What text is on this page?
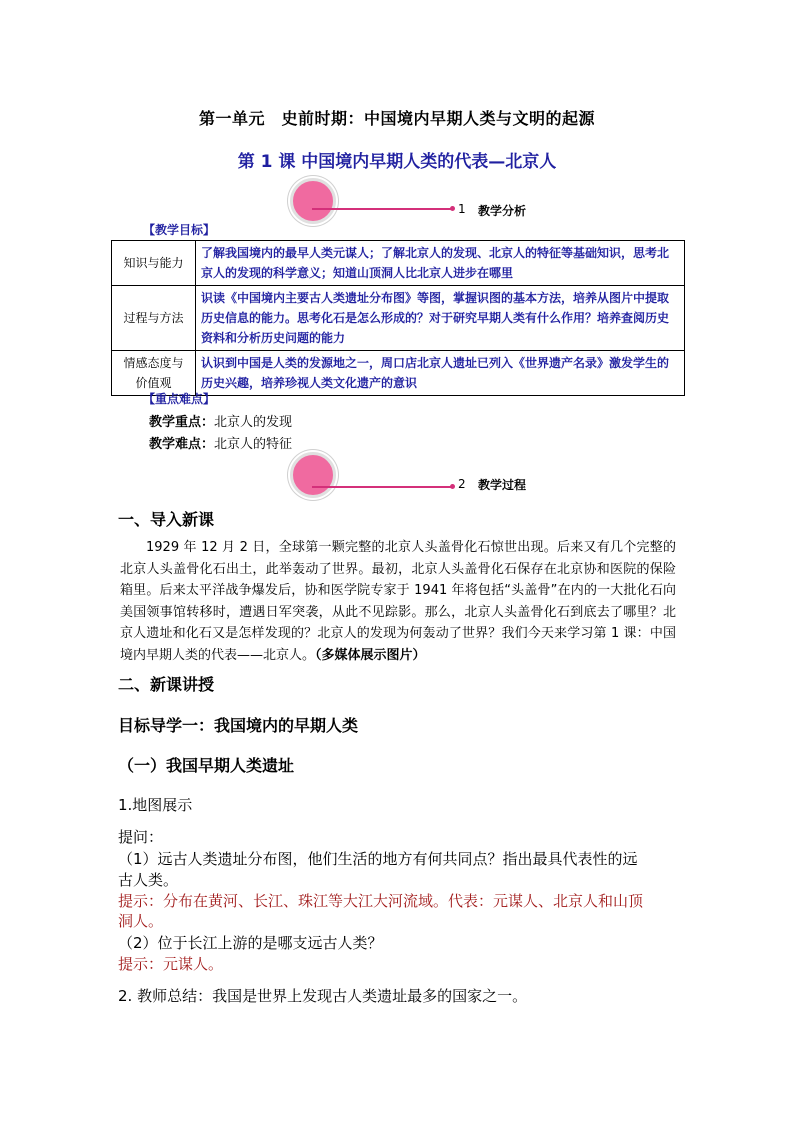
第一单元　史前时期：中国境内早期人类与文明的起源
第 1 课 中国境内早期人类的代表—北京人
1 教学分析
【教学目标】
知识与能力	了解我国境内的最早人类元谋人；了解北京人的发现、北京人的特征等基础知识，思考北京人的发现的科学意义；知道山顶洞人比北京人进步在哪里
过程与方法	识读《中国境内主要古人类遗址分布图》等图，掌握识图的基本方法，培养从图片中提取历史信息的能力。思考化石是怎么形成的？对于研究早期人类有什么作用？培养查阅历史资料和分析历史问题的能力

情感态度与
价值观	认识到中国是人类的发源地之一，周口店北京人遗址已列入《世界遗产名录》激发学生的历史兴趣，培养珍视人类文化遗产的意识
【重点难点】
教学重点：北京人的发现
教学难点：北京人的特征
2 教学过程
一、导入新课
1929 年 12 月 2 日，全球第一颗完整的北京人头盖骨化石惊世出现。后来又有几个完整的北京人头盖骨化石出土，此举轰动了世界。最初，北京人头盖骨化石保存在北京协和医院的保险箱里。后来太平洋战争爆发后，协和医学院专家于 1941 年将包括“头盖骨”在内的一大批化石向美国领事馆转移时，遭遇日军突袭，从此不见踪影。那么，北京人头盖骨化石到底去了哪里？北京人遗址和化石又是怎样发现的？北京人的发现为何轰动了世界？我们今天来学习第 1 课：中国境内早期人类的代表——北京人。（多媒体展示图片）
二、新课讲授
目标导学一：我国境内的早期人类
（一）我国早期人类遗址
1.地图展示
提问：
（1）远古人类遗址分布图，他们生活的地方有何共同点？指出最具代表性的远
古人类。
提示：分布在黄河、长江、珠江等大江大河流域。代表：元谋人、北京人和山顶
洞人。
（2）位于长江上游的是哪支远古人类？
提示：元谋人。
2. 教师总结：我国是世界上发现古人类遗址最多的国家之一。
